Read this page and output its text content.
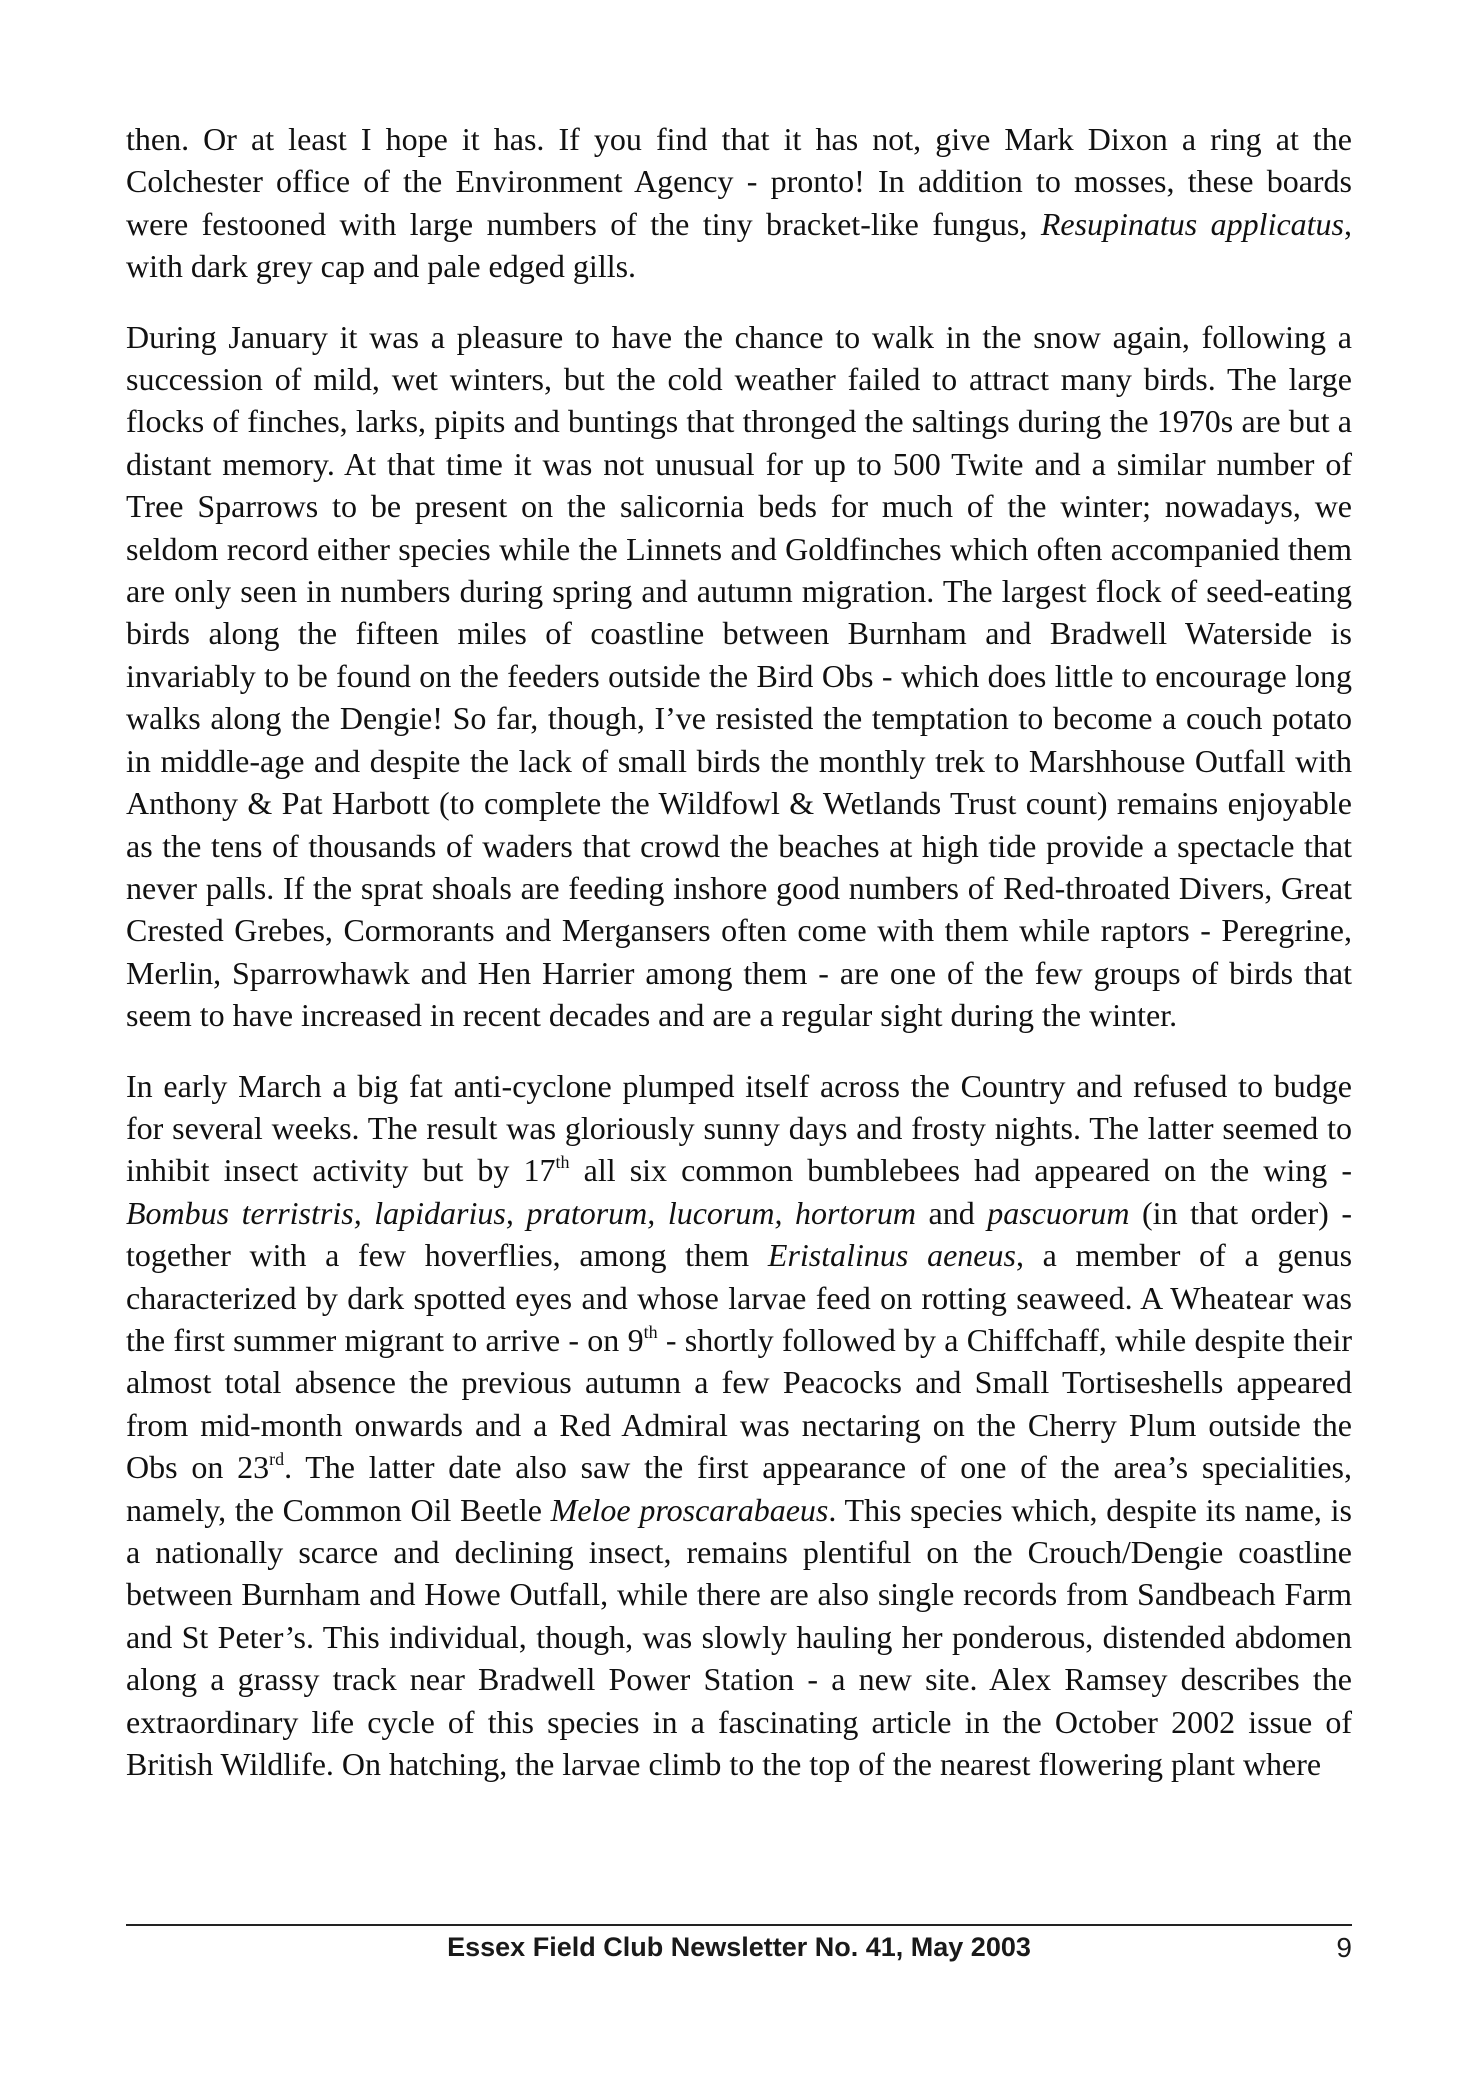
then. Or at least I hope it has. If you find that it has not, give Mark Dixon a ring at the Colchester office of the Environment Agency - pronto! In addition to mosses, these boards were festooned with large numbers of the tiny bracket-like fungus, Resupinatus applicatus, with dark grey cap and pale edged gills.

During January it was a pleasure to have the chance to walk in the snow again, following a succession of mild, wet winters, but the cold weather failed to attract many birds. The large flocks of finches, larks, pipits and buntings that thronged the saltings during the 1970s are but a distant memory. At that time it was not unusual for up to 500 Twite and a similar number of Tree Sparrows to be present on the salicornia beds for much of the winter; nowadays, we seldom record either species while the Linnets and Goldfinches which often accompanied them are only seen in numbers during spring and autumn migration. The largest flock of seed-eating birds along the fifteen miles of coastline between Burnham and Bradwell Waterside is invariably to be found on the feeders outside the Bird Obs - which does little to encourage long walks along the Dengie! So far, though, I’ve resisted the temptation to become a couch potato in middle-age and despite the lack of small birds the monthly trek to Marshhouse Outfall with Anthony & Pat Harbott (to complete the Wildfowl & Wetlands Trust count) remains enjoyable as the tens of thousands of waders that crowd the beaches at high tide provide a spectacle that never palls. If the sprat shoals are feeding inshore good numbers of Red-throated Divers, Great Crested Grebes, Cormorants and Mergansers often come with them while raptors - Peregrine, Merlin, Sparrowhawk and Hen Harrier among them - are one of the few groups of birds that seem to have increased in recent decades and are a regular sight during the winter.

In early March a big fat anti-cyclone plumped itself across the Country and refused to budge for several weeks. The result was gloriously sunny days and frosty nights. The latter seemed to inhibit insect activity but by 17th all six common bumblebees had appeared on the wing - Bombus terristris, lapidarius, pratorum, lucorum, hortorum and pascuorum (in that order) - together with a few hoverflies, among them Eristalinus aeneus, a member of a genus characterized by dark spotted eyes and whose larvae feed on rotting seaweed. A Wheatear was the first summer migrant to arrive - on 9th - shortly followed by a Chiffchaff, while despite their almost total absence the previous autumn a few Peacocks and Small Tortiseshells appeared from mid-month onwards and a Red Admiral was nectaring on the Cherry Plum outside the Obs on 23rd. The latter date also saw the first appearance of one of the area’s specialities, namely, the Common Oil Beetle Meloe proscarabaeus. This species which, despite its name, is a nationally scarce and declining insect, remains plentiful on the Crouch/Dengie coastline between Burnham and Howe Outfall, while there are also single records from Sandbeach Farm and St Peter’s. This individual, though, was slowly hauling her ponderous, distended abdomen along a grassy track near Bradwell Power Station - a new site. Alex Ramsey describes the extraordinary life cycle of this species in a fascinating article in the October 2002 issue of British Wildlife. On hatching, the larvae climb to the top of the nearest flowering plant where

Essex Field Club Newsletter No. 41, May 2003	9
